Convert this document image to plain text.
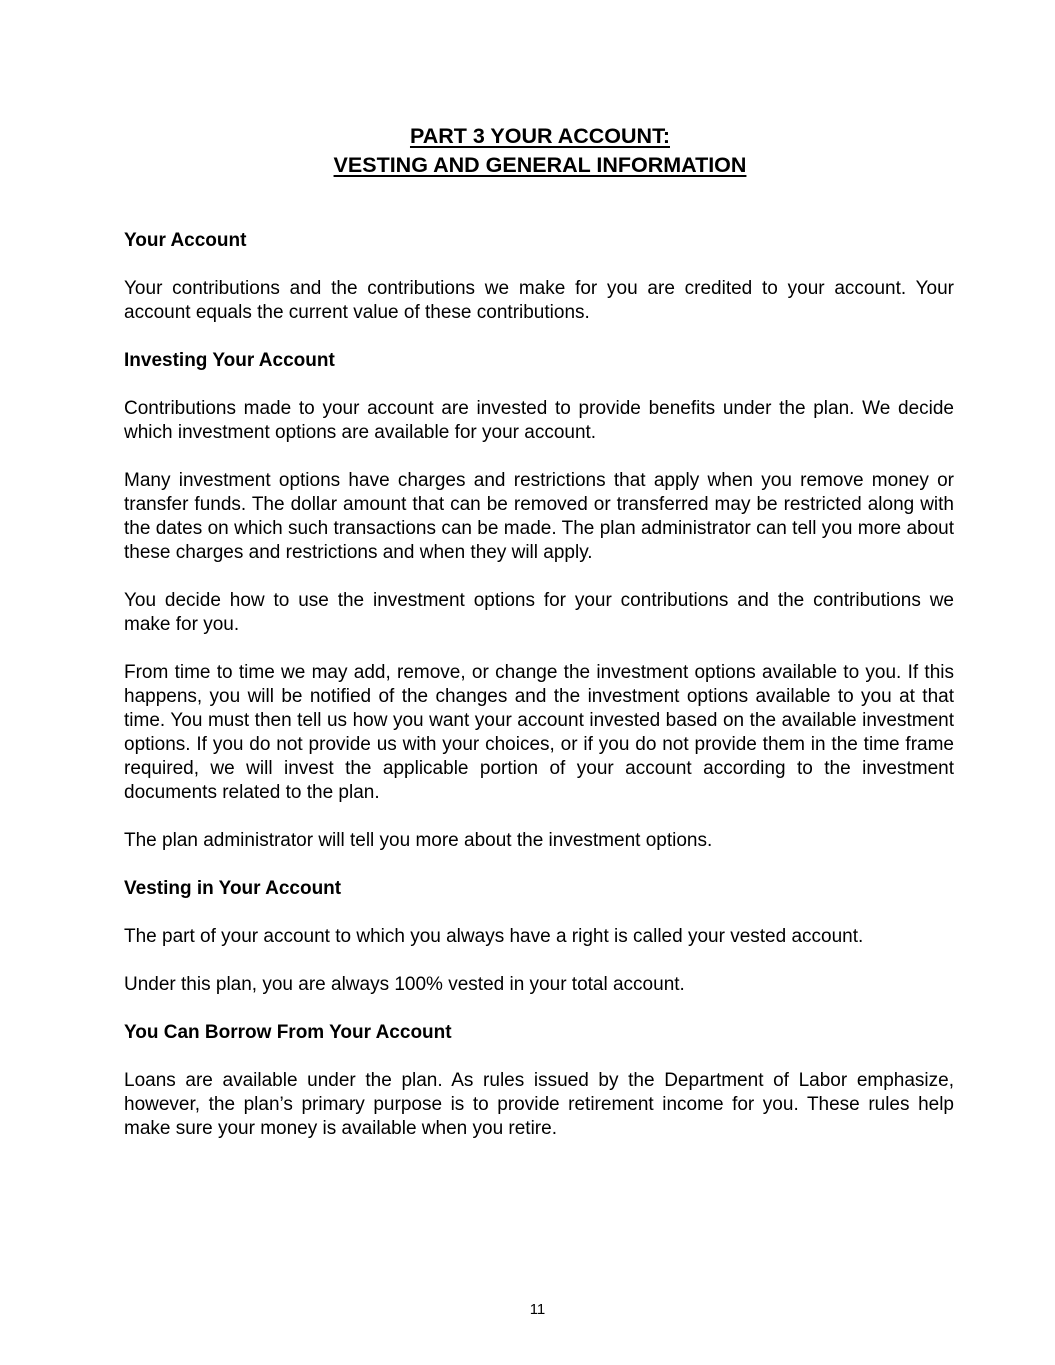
PART 3 YOUR ACCOUNT:
VESTING AND GENERAL INFORMATION
Your Account

Your contributions and the contributions we make for you are credited to your account. Your account equals the current value of these contributions.

Investing Your Account

Contributions made to your account are invested to provide benefits under the plan. We decide which investment options are available for your account.

Many investment options have charges and restrictions that apply when you remove money or transfer funds. The dollar amount that can be removed or transferred may be restricted along with the dates on which such transactions can be made. The plan administrator can tell you more about these charges and restrictions and when they will apply.

You decide how to use the investment options for your contributions and the contributions we make for you.

From time to time we may add, remove, or change the investment options available to you. If this happens, you will be notified of the changes and the investment options available to you at that time. You must then tell us how you want your account invested based on the available investment options. If you do not provide us with your choices, or if you do not provide them in the time frame required, we will invest the applicable portion of your account according to the investment documents related to the plan.

The plan administrator will tell you more about the investment options.

Vesting in Your Account

The part of your account to which you always have a right is called your vested account.

Under this plan, you are always 100% vested in your total account.

You Can Borrow From Your Account

Loans are available under the plan. As rules issued by the Department of Labor emphasize, however, the plan’s primary purpose is to provide retirement income for you. These rules help make sure your money is available when you retire.

11
